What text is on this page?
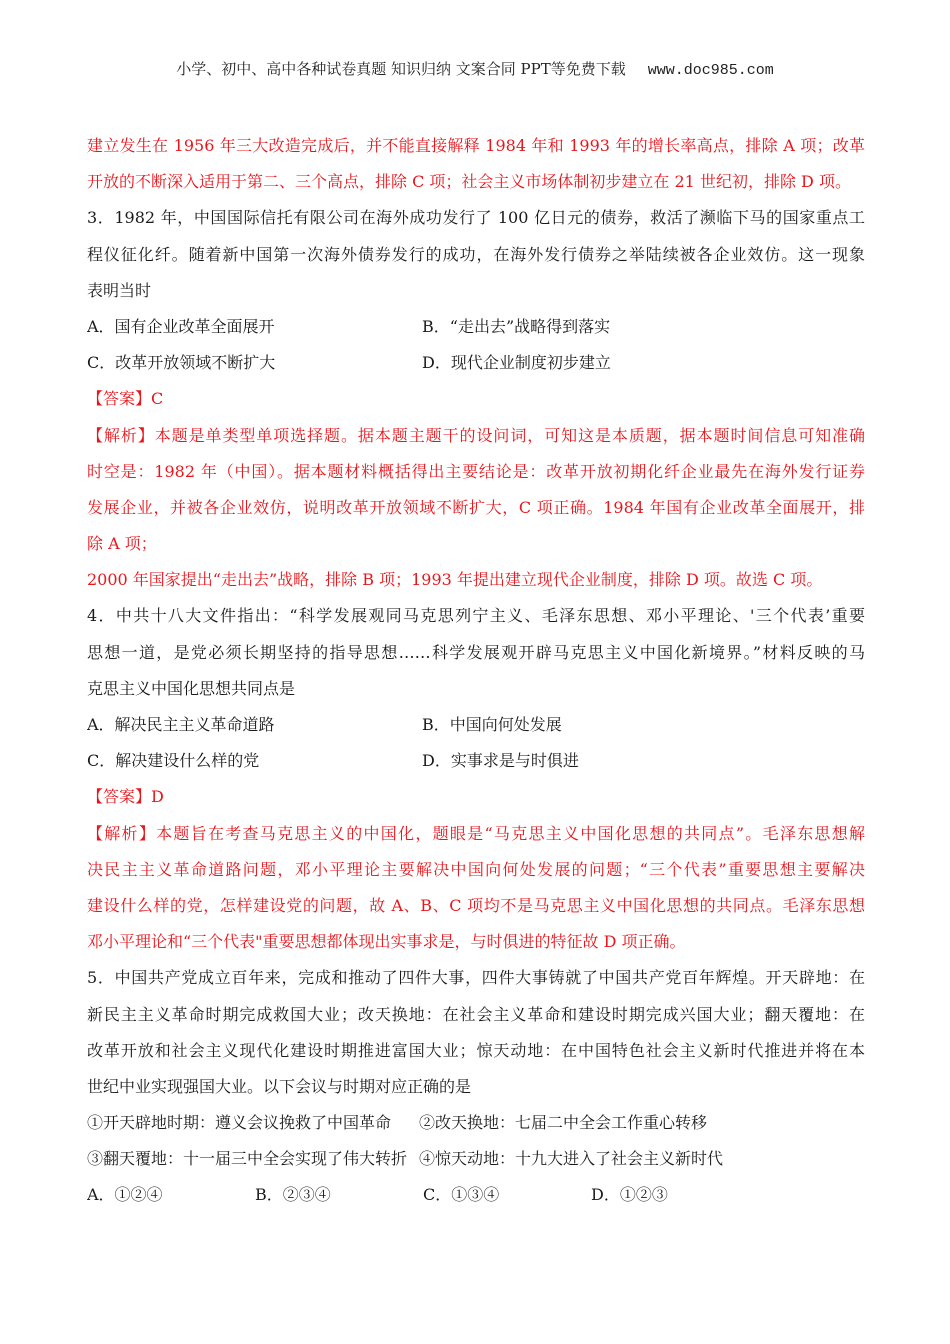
小学、初中、高中各种试卷真题 知识归纳 文案合同 PPT等免费下载 www.doc985.com
建立发生在 1956 年三大改造完成后，并不能直接解释 1984 年和 1993 年的增长率高点，排除 A 项；改革
开放的不断深入适用于第二、三个高点，排除 C 项；社会主义市场体制初步建立在 21 世纪初，排除 D 项。
3．1982 年，中国国际信托有限公司在海外成功发行了 100 亿日元的债券，救活了濒临下马的国家重点工
程仪征化纤。随着新中国第一次海外债券发行的成功，在海外发行债券之举陆续被各企业效仿。这一现象
表明当时
A．国有企业改革全面展开	B．“走出去”战略得到落实
C．改革开放领域不断扩大	D．现代企业制度初步建立
【答案】C
【解析】本题是单类型单项选择题。据本题主题干的设问词，可知这是本质题，据本题时间信息可知准确
时空是：1982 年（中国）。据本题材料概括得出主要结论是：改革开放初期化纤企业最先在海外发行证券
发展企业，并被各企业效仿，说明改革开放领域不断扩大，C 项正确。1984 年国有企业改革全面展开，排
除 A 项；
2000 年国家提出“走出去”战略，排除 B 项；1993 年提出建立现代企业制度，排除 D 项。故选 C 项。
4．中共十八大文件指出：“科学发展观同马克思列宁主义、毛泽东思想、邓小平理论、'三个代表’重要
思想一道，是党必须长期坚持的指导思想……科学发展观开辟马克思主义中国化新境界。”材料反映的马
克思主义中国化思想共同点是
A．解决民主主义革命道路	B．中国向何处发展
C．解决建设什么样的党	D．实事求是与时俱进
【答案】D
【解析】本题旨在考查马克思主义的中国化，题眼是“马克思主义中国化思想的共同点”。毛泽东思想解
决民主主义革命道路问题，邓小平理论主要解决中国向何处发展的问题；“三个代表”重要思想主要解决
建设什么样的党，怎样建设党的问题，故 A、B、C 项均不是马克思主义中国化思想的共同点。毛泽东思想
邓小平理论和“三个代表"重要思想都体现出实事求是，与时俱进的特征故 D 项正确。
5．中国共产党成立百年来，完成和推动了四件大事，四件大事铸就了中国共产党百年辉煌。开天辟地：在
新民主主义革命时期完成救国大业；改天换地：在社会主义革命和建设时期完成兴国大业；翻天覆地：在
改革开放和社会主义现代化建设时期推进富国大业；惊天动地：在中国特色社会主义新时代推进并将在本
世纪中业实现强国大业。以下会议与时期对应正确的是
①开天辟地时期：遵义会议挽救了中国革命 ②改天换地：七届二中全会工作重心转移
③翻天覆地：十一届三中全会实现了伟大转折 ④惊天动地：十九大进入了社会主义新时代
A．①②④	B．②③④	C．①③④	D．①②③
